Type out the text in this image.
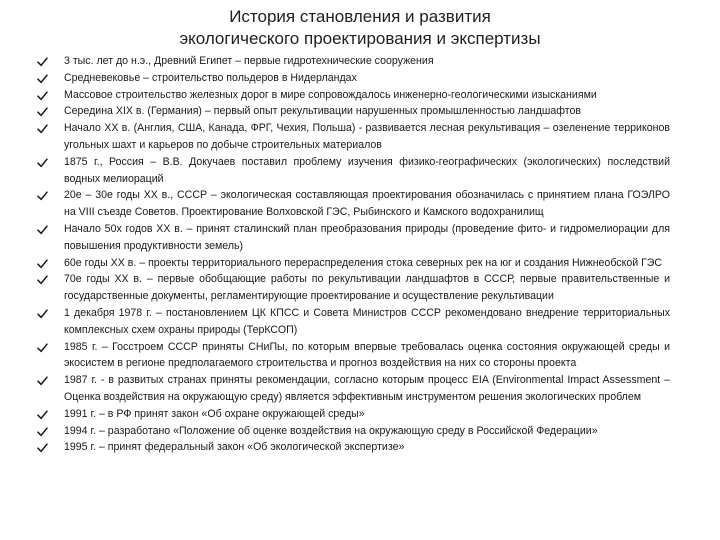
История становления и развития
экологического проектирования и экспертизы
3 тыс. лет до н.э., Древний Египет – первые гидротехнические сооружения
Средневековье – строительство польдеров в Нидерландах
Массовое строительство железных дорог в мире сопровождалось инженерно-геологическими изысканиями
Середина XIX в. (Германия) – первый опыт рекультивации нарушенных промышленностью ландшафтов
Начало XX в. (Англия, США, Канада, ФРГ, Чехия, Польша) - развивается лесная рекультивация – озеленение терриконов угольных шахт и карьеров по добыче строительных материалов
1875 г., Россия – В.В. Докучаев поставил проблему изучения физико-географических (экологических) последствий водных мелиораций
20е – 30е годы XX в., СССР – экологическая составляющая проектирования обозначилась с принятием плана ГОЭЛРО на VIII съезде Советов. Проектирование Волховской ГЭС, Рыбинского и Камского водохранилищ
Начало 50х годов XX в. – принят сталинский план преобразования природы (проведение фито- и гидромелиорации для повышения продуктивности земель)
60е годы XX в. – проекты территориального перераспределения стока северных рек на юг и создания Нижнеобской ГЭС
70е годы XX в. – первые обобщающие работы по рекультивации ландшафтов в СССР, первые правительственные и государственные документы, регламентирующие проектирование и осуществление рекультивации
1 декабря 1978 г. – постановлением ЦК КПСС и Совета Министров СССР рекомендовано внедрение территориальных комплексных схем охраны природы (ТерКСОП)
1985 г. – Госстроем СССР приняты СНиПы, по которым впервые требовалась оценка состояния окружающей среды и экосистем в регионе предполагаемого строительства и прогноз воздействия на них со стороны проекта
1987 г. - в развитых странах приняты рекомендации, согласно которым процесс EIA (Environmental Impact Assessment – Оценка воздействия на окружающую среду) является эффективным инструментом решения экологических проблем
1991 г. – в РФ принят закон «Об охране окружающей среды»
1994 г. – разработано «Положение об оценке воздействия на окружающую среду в Российской Федерации»
1995 г. – принят федеральный закон «Об экологической экспертизе»
